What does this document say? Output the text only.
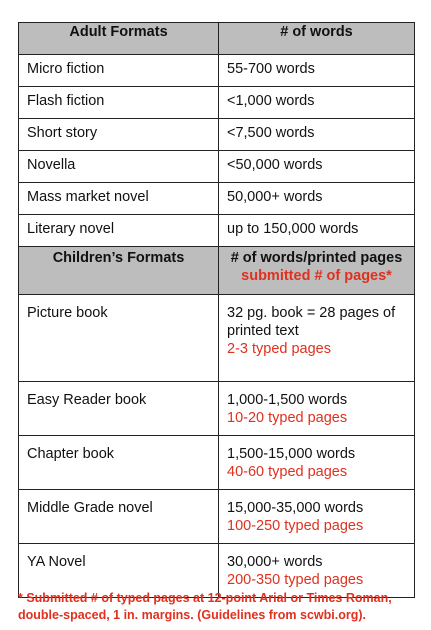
Adult Formats	# of words
Micro fiction	55-700 words
Flash fiction	<1,000 words
Short story	<7,500 words
Novella	<50,000 words
Mass market novel	50,000+ words
Literary novel	up to 150,000 words
Children’s Formats	# of words/printed pages
submitted # of pages*

Picture book	32 pg. book = 28 pages of
printed text
2-3 typed pages

Easy Reader book	1,000-1,500 words
10-20 typed pages

Chapter book	1,500-15,000 words
40-60 typed pages

Middle Grade novel	15,000-35,000 words
100-250 typed pages

YA Novel	30,000+ words
200-350 typed pages
* Submitted # of typed pages at 12-point Arial or Times Roman,
double-spaced, 1 in. margins. (Guidelines from scwbi.org).
